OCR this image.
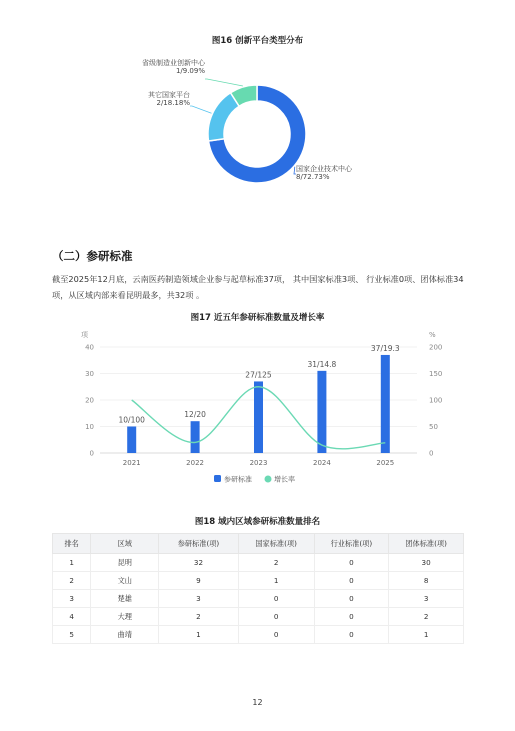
图16 创新平台类型分布
国家企业技术中心
8/72.73%
其它国家平台
2/18.18%
省级制造业创新中心
1/9.09%
（二）参研标准
截至2025年12月底，云南医药制造领域企业参与起草标准37项， 其中国家标准3项、 行业标准0项、团体标准34项，从区域内部来看昆明最多，共32项 。
图17 近五年参研标准数量及增长率
0
10
20
30
40
0
50
100
150
200
项	%
2021	2022	2023	2024	2025
10/100
12/20
27/125
31/14.8
37/19.3
参研标准	增长率
图18 域内区域参研标准数量排名
排名	区域	参研标准(项)	国家标准(项)	行业标准(项)	团体标准(项)
1	昆明	32	2	0	30
2	文山	9	1	0	8
3	楚雄	3	0	0	3
4	大理	2	0	0	2
5	曲靖	1	0	0	1
12
